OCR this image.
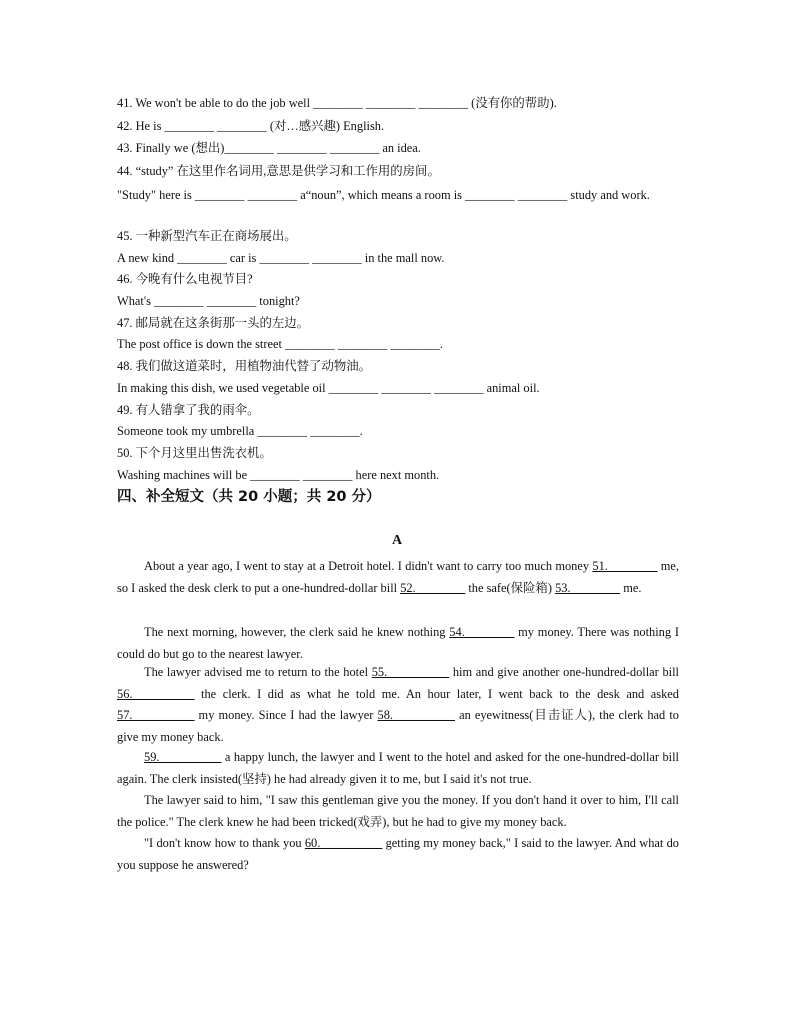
41. We won't be able to do the job well ________ ________ ________ (没有你的帮助).
42. He is ________ ________ (对…感兴趣) English.
43. Finally we (想出)________ ________ ________ an idea.
44. “study” 在这里作名词用,意思是供学习和工作用的房间。
"Study" here is ________ ________ a“noun”, which means a room is ________ ________ study and work.
45. 一种新型汽车正在商场展出。
A new kind ________ car is ________ ________ in the mall now.
46. 今晚有什么电视节目?
What's ________ ________ tonight?
47. 邮局就在这条街那一头的左边。
The post office is down the street ________ ________ ________.
48. 我们做这道菜时，用植物油代替了动物油。
In making this dish, we used vegetable oil ________ ________ ________ animal oil.
49. 有人错拿了我的雨伞。
Someone took my umbrella ________ ________.
50. 下个月这里出售洗衣机。
Washing machines will be ________ ________ here next month.
四、补全短文（共 20 小题；共 20 分）
A
About a year ago, I went to stay at a Detroit hotel. I didn't want to carry too much money 51.________ me, so I asked the desk clerk to put a one-hundred-dollar bill 52.________ the safe(保险箱) 53.________ me.
The next morning, however, the clerk said he knew nothing 54.________ my money. There was nothing I could do but go to the nearest lawyer.
The lawyer advised me to return to the hotel 55.__________ him and give another one-hundred-dollar bill 56.__________ the clerk. I did as what he told me. An hour later, I went back to the desk and asked 57.__________ my money. Since I had the lawyer 58.__________ an eyewitness(目击证人), the clerk had to give my money back.
59.__________ a happy lunch, the lawyer and I went to the hotel and asked for the one-hundred-dollar bill again. The clerk insisted(坚持) he had already given it to me, but I said it's not true.
The lawyer said to him, "I saw this gentleman give you the money. If you don't hand it over to him, I'll call the police." The clerk knew he had been tricked(戏弄), but he had to give my money back.
"I don't know how to thank you 60.__________ getting my money back," I said to the lawyer. And what do you suppose he answered?
